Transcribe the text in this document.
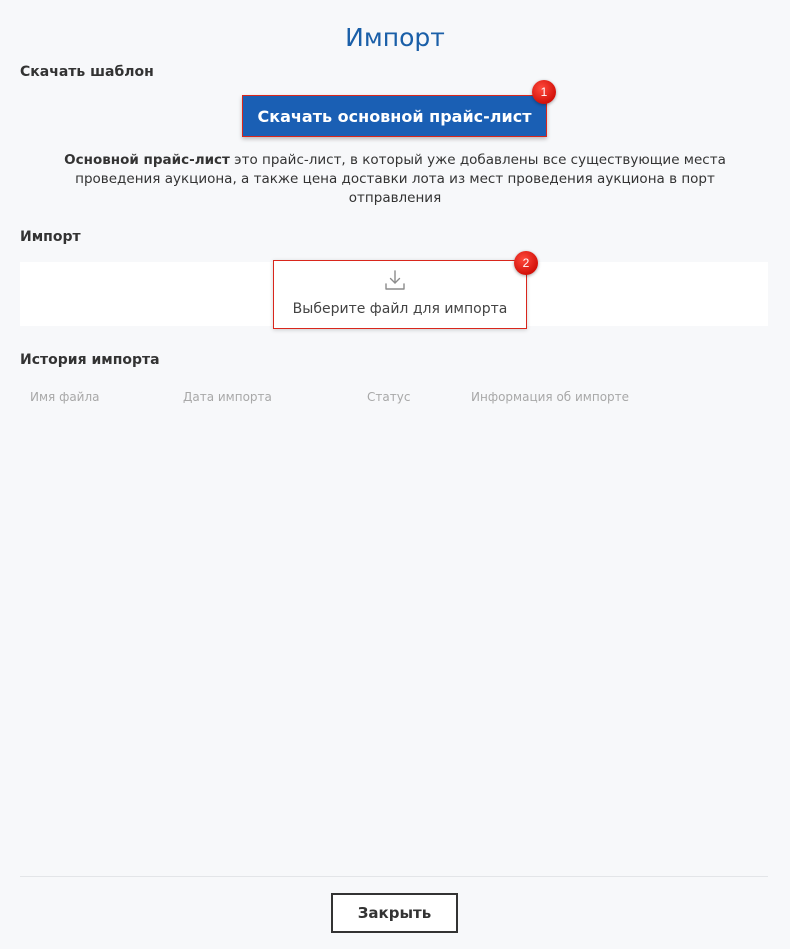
Импорт
Скачать шаблон
Скачать основной прайс-лист
1

Основной прайс-лист это прайс-лист, в который уже добавлены все существующие места проведения аукциона, а также цена доставки лота из мест проведения аукциона в порт отправления

Импорт
Выберите файл для импорта
2
История импорта
Имя файла	Дата импорта	Статус	Информация об импорте
Закрыть
